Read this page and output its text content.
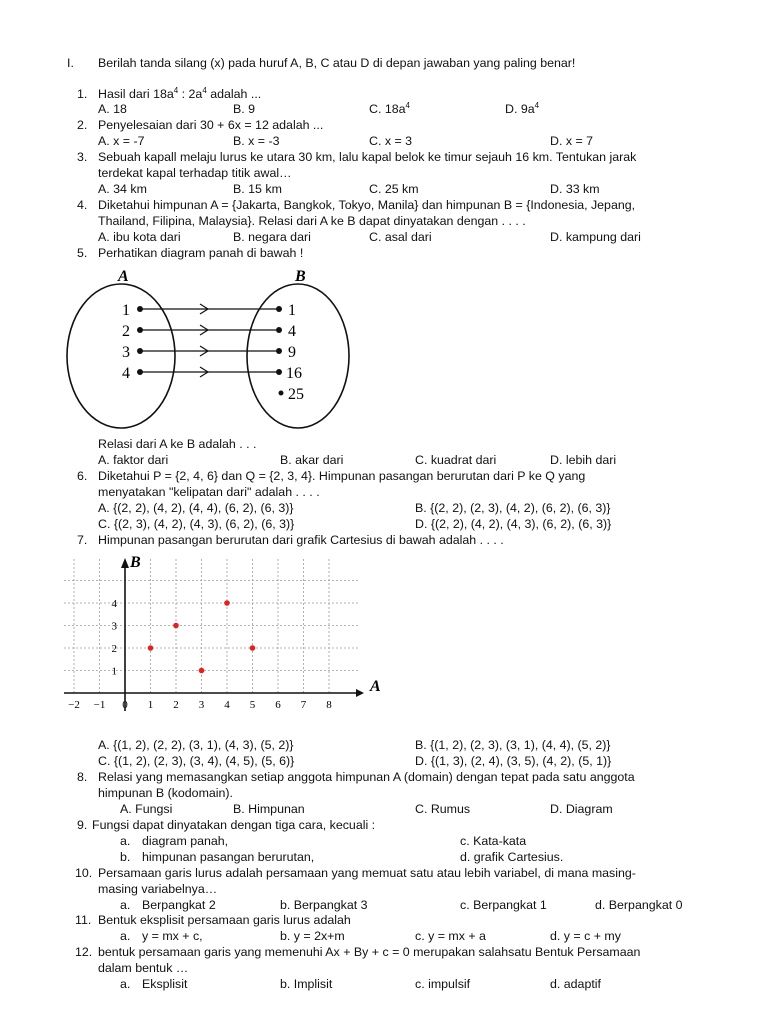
I. Berilah tanda silang (x) pada huruf A, B, C atau D di depan jawaban yang paling benar!
1. Hasil dari $18a^4$ : $2a^4$ adalah ...
A. 18	B. 9	C. $18a^4$	D. $9a^4$
2. Penyelesaian dari 30 + 6x = 12 adalah ...
A. x = -7	B. x = -3	C. x = 3	D. x = 7
3. Sebuah kapall melaju lurus ke utara 30 km, lalu kapal belok ke timur sejauh 16 km. Tentukan jarak
terdekat kapal terhadap titik awal…
A. 34 km	B. 15 km	C. 25 km	D. 33 km
4. Diketahui himpunan A = {Jakarta, Bangkok, Tokyo, Manila} dan himpunan B = {Indonesia, Jepang,
Thailand, Filipina, Malaysia}. Relasi dari A ke B dapat dinyatakan dengan . . . .
A. ibu kota dari	B. negara dari	C. asal dari	D. kampung dari
5. Perhatikan diagram panah di bawah !
A	B
1
2
3
4
1
4
9
16
25
Relasi dari A ke B adalah . . .
A. faktor dari	B. akar dari	C. kuadrat dari	D. lebih dari
6. Diketahui P = {2, 4, 6} dan Q = {2, 3, 4}. Himpunan pasangan berurutan dari P ke Q yang
menyatakan "kelipatan dari" adalah . . . .
A. {(2, 2), (4, 2), (4, 4), (6, 2), (6, 3)}	B. {(2, 2), (2, 3), (4, 2), (6, 2), (6, 3)}
C. {(2, 3), (4, 2), (4, 3), (6, 2), (6, 3)}	D. {(2, 2), (4, 2), (4, 3), (6, 2), (6, 3)}
7. Himpunan pasangan berurutan dari grafik Cartesius di bawah adalah . . . .
−2 −1 0 1 2 3 4 5 6 7 8
1
2
3
4
B
A
A. {(1, 2), (2, 2), (3, 1), (4, 3), (5, 2)}	B. {(1, 2), (2, 3), (3, 1), (4, 4), (5, 2)}
C. {(1, 2), (2, 3), (3, 4), (4, 5), (5, 6)}	D. {(1, 3), (2, 4), (3, 5), (4, 2), (5, 1)}
8. Relasi yang memasangkan setiap anggota himpunan A (domain) dengan tepat pada satu anggota
himpunan B (kodomain).
A. Fungsi	B. Himpunan	C. Rumus	D. Diagram
9. Fungsi dapat dinyatakan dengan tiga cara, kecuali :
a. diagram panah,	c. Kata-kata
b. himpunan pasangan berurutan,	d. grafik Cartesius.
10. Persamaan garis lurus adalah persamaan yang memuat satu atau lebih variabel, di mana masing-
masing variabelnya…
a. Berpangkat 2	b. Berpangkat 3	c. Berpangkat 1	d. Berpangkat 0
11. Bentuk eksplisit persamaan garis lurus adalah
a. y = mx + c,	b. y = 2x+m	c. y = mx + a	d. y = c + my
12. bentuk persamaan garis yang memenuhi Ax + By + c = 0 merupakan salahsatu Bentuk Persamaan
dalam bentuk …
a. Eksplisit	b. Implisit	c. impulsif	d. adaptif
